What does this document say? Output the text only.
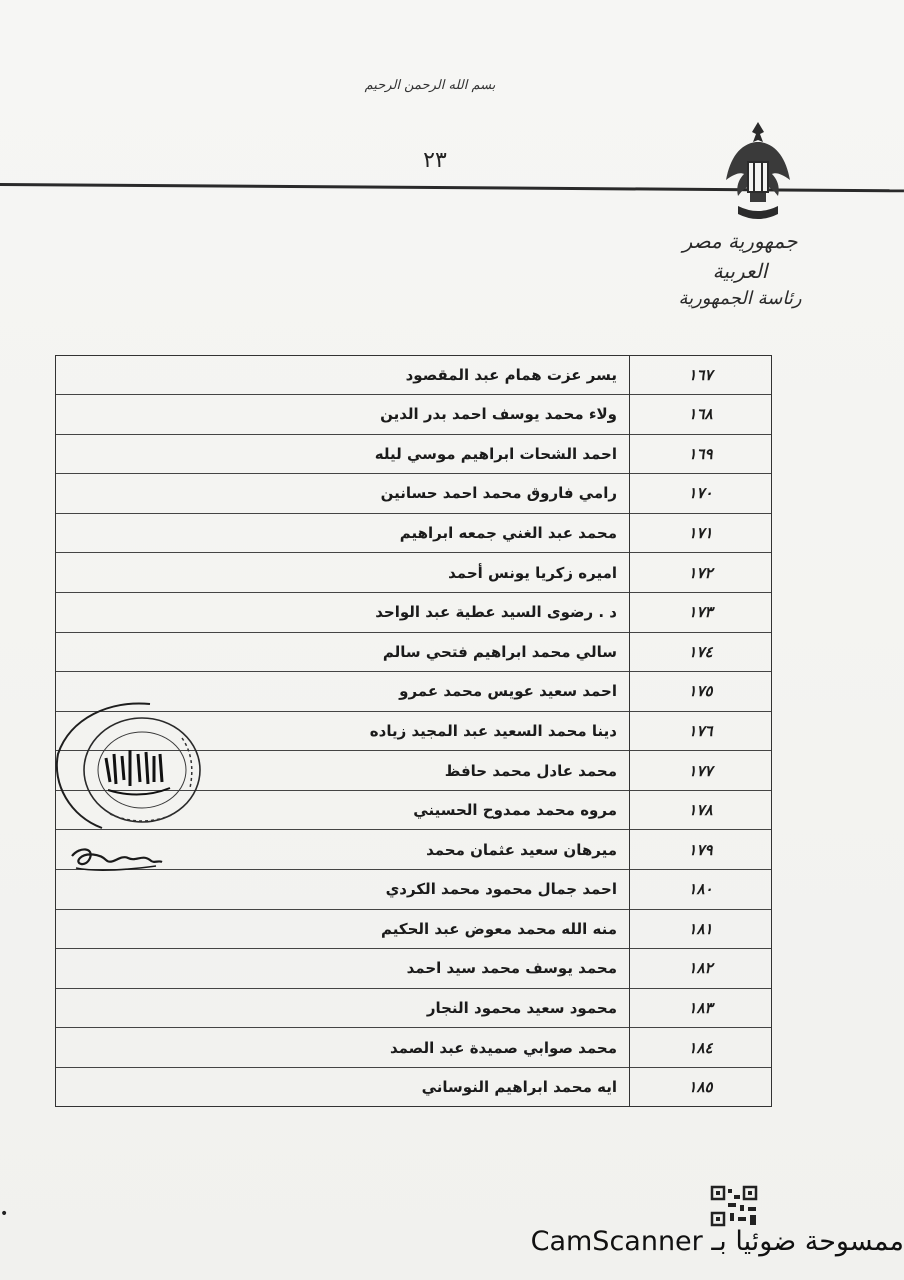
بسم الله الرحمن الرحيم
٢٣
جمهورية مصر العربية
رئاسة الجمهورية
١٦٧	يسر عزت همام عبد المقصود
١٦٨	ولاء محمد يوسف احمد بدر الدين
١٦٩	احمد الشحات ابراهيم موسي ليله
١٧٠	رامي فاروق محمد احمد حسانين
١٧١	محمد عبد الغني جمعه ابراهيم
١٧٢	اميره زكريا يونس أحمد
١٧٣	د . رضوى السيد عطية عبد الواحد
١٧٤	سالي محمد ابراهيم فتحي سالم
١٧٥	احمد سعيد عويس محمد عمرو
١٧٦	دينا محمد السعيد عبد المجيد زياده
١٧٧	محمد عادل محمد حافظ
١٧٨	مروه محمد ممدوح الحسيني
١٧٩	ميرهان سعيد عثمان محمد
١٨٠	احمد جمال محمود محمد الكردي
١٨١	منه الله محمد معوض عبد الحكيم
١٨٢	محمد يوسف محمد سيد احمد
١٨٣	محمود سعيد محمود النجار
١٨٤	محمد صوابي صميدة عبد الصمد
١٨٥	ايه محمد ابراهيم النوساني
ممسوحة ضوئيا بـ CamScanner
•
